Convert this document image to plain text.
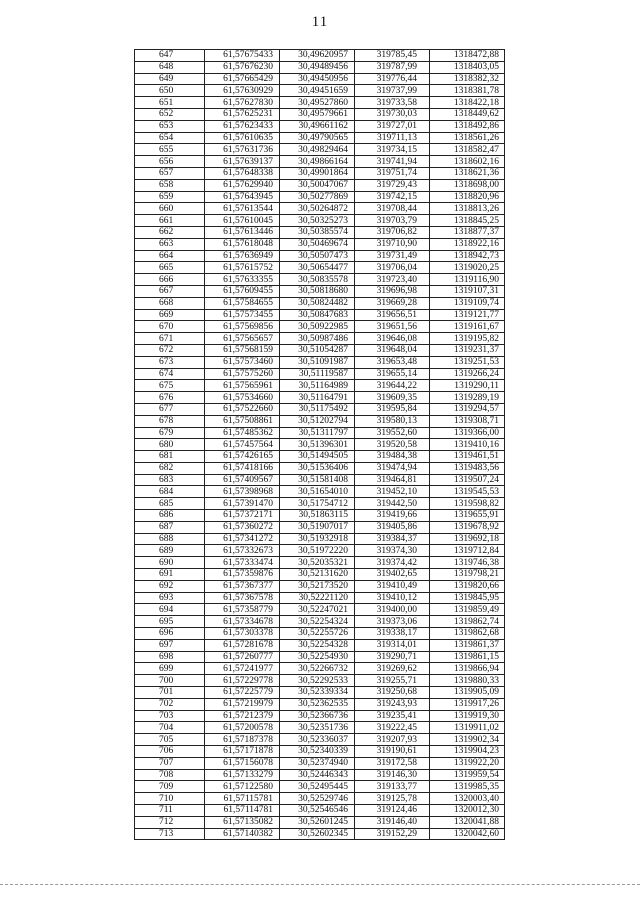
11
647	61,57675433	30,49620957	319785,45	1318472,88
648	61,57676230	30,49489456	319787,99	1318403,05
649	61,57665429	30,49450956	319776,44	1318382,32
650	61,57630929	30,49451659	319737,99	1318381,78
651	61,57627830	30,49527860	319733,58	1318422,18
652	61,57625231	30,49579661	319730,03	1318449,62
653	61,57623433	30,49661162	319727,01	1318492,86
654	61,57610635	30,49790565	319711,13	1318561,26
655	61,57631736	30,49829464	319734,15	1318582,47
656	61,57639137	30,49866164	319741,94	1318602,16
657	61,57648338	30,49901864	319751,74	1318621,36
658	61,57629940	30,50047067	319729,43	1318698,00
659	61,57643945	30,50277869	319742,15	1318820,96
660	61,57613544	30,50264872	319708,44	1318813,26
661	61,57610045	30,50325273	319703,79	1318845,25
662	61,57613446	30,50385574	319706,82	1318877,37
663	61,57618048	30,50469674	319710,90	1318922,16
664	61,57636949	30,50507473	319731,49	1318942,73
665	61,57615752	30,50654477	319706,04	1319020,25
666	61,57633355	30,50835578	319723,40	1319116,90
667	61,57609455	30,50818680	319696,98	1319107,31
668	61,57584655	30,50824482	319669,28	1319109,74
669	61,57573455	30,50847683	319656,51	1319121,77
670	61,57569856	30,50922985	319651,56	1319161,67
671	61,57565657	30,50987486	319646,08	1319195,82
672	61,57568159	30,51054287	319648,04	1319231,37
673	61,57573460	30,51091987	319653,48	1319251,53
674	61,57575260	30,51119587	319655,14	1319266,24
675	61,57565961	30,51164989	319644,22	1319290,11
676	61,57534660	30,51164791	319609,35	1319289,19
677	61,57522660	30,51175492	319595,84	1319294,57
678	61,57508861	30,51202794	319580,13	1319308,71
679	61,57485362	30,51311797	319552,60	1319366,00
680	61,57457564	30,51396301	319520,58	1319410,16
681	61,57426165	30,51494505	319484,38	1319461,51
682	61,57418166	30,51536406	319474,94	1319483,56
683	61,57409567	30,51581408	319464,81	1319507,24
684	61,57398968	30,51654010	319452,10	1319545,53
685	61,57391470	30,51754712	319442,50	1319598,82
686	61,57372171	30,51863115	319419,66	1319655,91
687	61,57360272	30,51907017	319405,86	1319678,92
688	61,57341272	30,51932918	319384,37	1319692,18
689	61,57332673	30,51972220	319374,30	1319712,84
690	61,57333474	30,52035321	319374,42	1319746,38
691	61,57359876	30,52131620	319402,65	1319798,21
692	61,57367377	30,52173520	319410,49	1319820,66
693	61,57367578	30,52221120	319410,12	1319845,95
694	61,57358779	30,52247021	319400,00	1319859,49
695	61,57334678	30,52254324	319373,06	1319862,74
696	61,57303378	30,52255726	319338,17	1319862,68
697	61,57281678	30,52254328	319314,01	1319861,37
698	61,57260777	30,52254930	319290,71	1319861,15
699	61,57241977	30,52266732	319269,62	1319866,94
700	61,57229778	30,52292533	319255,71	1319880,33
701	61,57225779	30,52339334	319250,68	1319905,09
702	61,57219979	30,52362535	319243,93	1319917,26
703	61,57212379	30,52366736	319235,41	1319919,30
704	61,57200578	30,52351736	319222,45	1319911,02
705	61,57187378	30,52336037	319207,93	1319902,34
706	61,57171878	30,52340339	319190,61	1319904,23
707	61,57156078	30,52374940	319172,58	1319922,20
708	61,57133279	30,52446343	319146,30	1319959,54
709	61,57122580	30,52495445	319133,77	1319985,35
710	61,57115781	30,52529746	319125,78	1320003,40
711	61,57114781	30,52546546	319124,46	1320012,30
712	61,57135082	30,52601245	319146,40	1320041,88
713	61,57140382	30,52602345	319152,29	1320042,60
